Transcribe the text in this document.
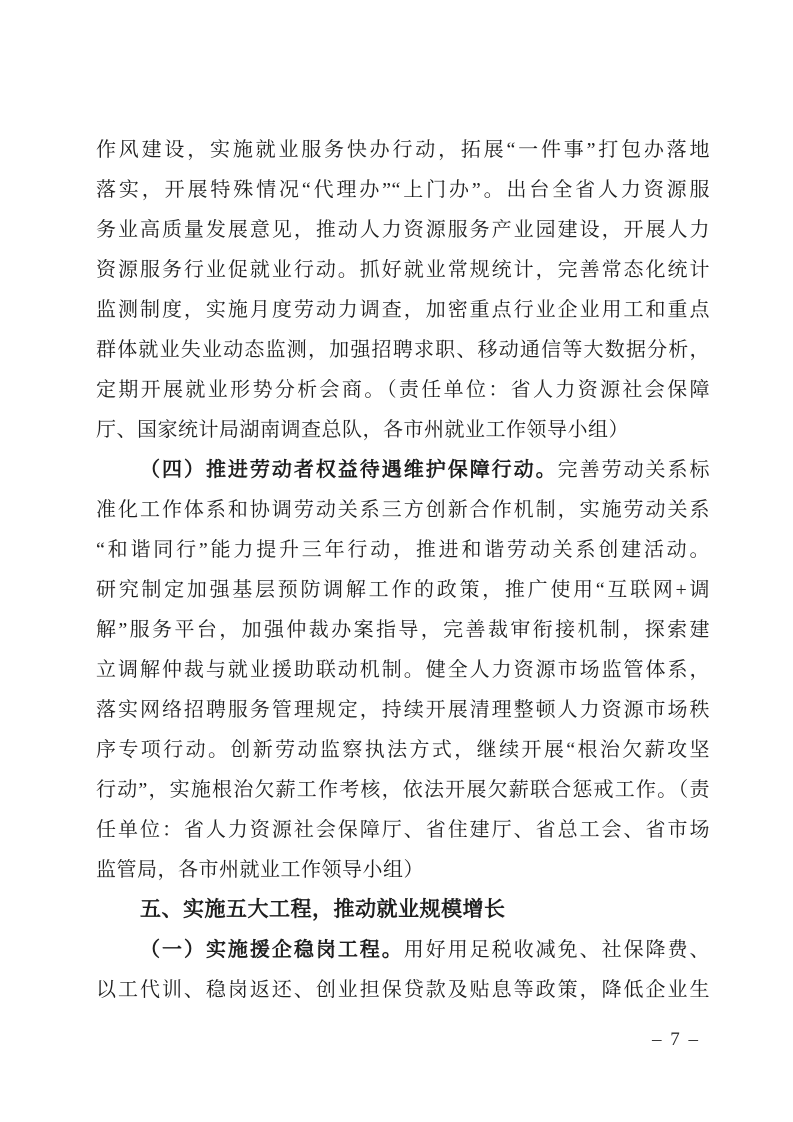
作风建设，实施就业服务快办行动，拓展“一件事”打包办落地
落实，开展特殊情况“代理办”“上门办”。出台全省人力资源服
务业高质量发展意见，推动人力资源服务产业园建设，开展人力
资源服务行业促就业行动。抓好就业常规统计，完善常态化统计
监测制度，实施月度劳动力调查，加密重点行业企业用工和重点
群体就业失业动态监测，加强招聘求职、移动通信等大数据分析，
定期开展就业形势分析会商。（责任单位：省人力资源社会保障
厅、国家统计局湖南调查总队，各市州就业工作领导小组）
（四）推进劳动者权益待遇维护保障行动。完善劳动关系标
准化工作体系和协调劳动关系三方创新合作机制，实施劳动关系
“和谐同行”能力提升三年行动，推进和谐劳动关系创建活动。
研究制定加强基层预防调解工作的政策，推广使用“互联网+调
解”服务平台，加强仲裁办案指导，完善裁审衔接机制，探索建
立调解仲裁与就业援助联动机制。健全人力资源市场监管体系，
落实网络招聘服务管理规定，持续开展清理整顿人力资源市场秩
序专项行动。创新劳动监察执法方式，继续开展“根治欠薪攻坚
行动”，实施根治欠薪工作考核，依法开展欠薪联合惩戒工作。（责
任单位：省人力资源社会保障厅、省住建厅、省总工会、省市场
监管局，各市州就业工作领导小组）
五、实施五大工程，推动就业规模增长
（一）实施援企稳岗工程。用好用足税收减免、社保降费、
以工代训、稳岗返还、创业担保贷款及贴息等政策，降低企业生
– 7 –
